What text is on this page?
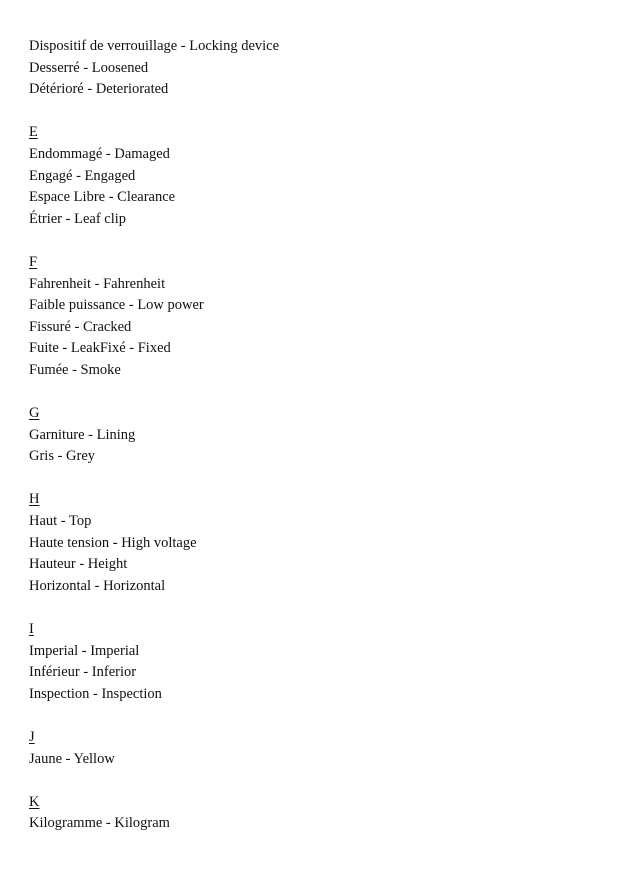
Dispositif de verrouillage - Locking device
Desserré - Loosened
Détérioré - Deteriorated
E
Endommagé - Damaged
Engagé - Engaged
Espace Libre - Clearance
Étrier - Leaf clip
F
Fahrenheit - Fahrenheit
Faible puissance - Low power
Fissuré - Cracked
Fuite - LeakFixé - Fixed
Fumée - Smoke
G
Garniture - Lining
Gris - Grey
H
Haut - Top
Haute tension - High voltage
Hauteur - Height
Horizontal - Horizontal
I
Imperial - Imperial
Inférieur - Inferior
Inspection - Inspection
J
Jaune - Yellow
K
Kilogramme - Kilogram
